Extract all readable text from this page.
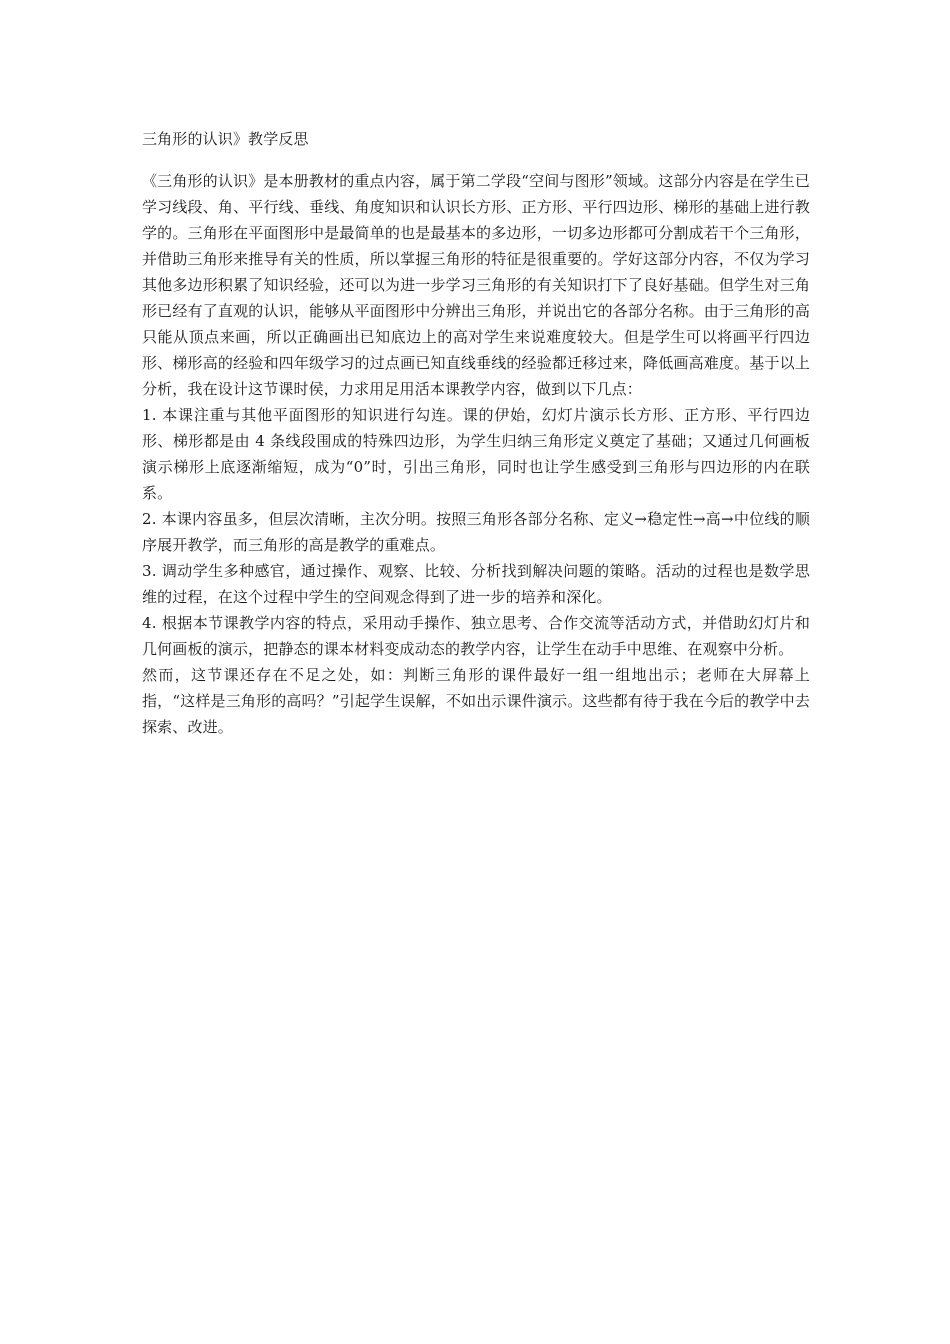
三角形的认识》教学反思

《三角形的认识》是本册教材的重点内容，属于第二学段“空间与图形”领域。这部分内容是在学生已学习线段、角、平行线、垂线、角度知识和认识长方形、正方形、平行四边形、梯形的基础上进行教学的。三角形在平面图形中是最简单的也是最基本的多边形，一切多边形都可分割成若干个三角形，并借助三角形来推导有关的性质，所以掌握三角形的特征是很重要的。学好这部分内容，不仅为学习其他多边形积累了知识经验，还可以为进一步学习三角形的有关知识打下了良好基础。但学生对三角形已经有了直观的认识，能够从平面图形中分辨出三角形，并说出它的各部分名称。由于三角形的高只能从顶点来画，所以正确画出已知底边上的高对学生来说难度较大。但是学生可以将画平行四边形、梯形高的经验和四年级学习的过点画已知直线垂线的经验都迁移过来，降低画高难度。基于以上分析，我在设计这节课时侯，力求用足用活本课教学内容，做到以下几点：

1. 本课注重与其他平面图形的知识进行勾连。课的伊始，幻灯片演示长方形、正方形、平行四边形、梯形都是由 4 条线段围成的特殊四边形，为学生归纳三角形定义奠定了基础；又通过几何画板演示梯形上底逐渐缩短，成为“0”时，引出三角形，同时也让学生感受到三角形与四边形的内在联系。

2. 本课内容虽多，但层次清晰，主次分明。按照三角形各部分名称、定义→稳定性→高→中位线的顺序展开教学，而三角形的高是教学的重难点。

3. 调动学生多种感官，通过操作、观察、比较、分析找到解决问题的策略。活动的过程也是数学思维的过程，在这个过程中学生的空间观念得到了进一步的培养和深化。

4. 根据本节课教学内容的特点，采用动手操作、独立思考、合作交流等活动方式，并借助幻灯片和几何画板的演示，把静态的课本材料变成动态的教学内容，让学生在动手中思维、在观察中分析。

然而，这节课还存在不足之处，如：判断三角形的课件最好一组一组地出示；老师在大屏幕上指，“这样是三角形的高吗？”引起学生误解，不如出示课件演示。这些都有待于我在今后的教学中去探索、改进。
